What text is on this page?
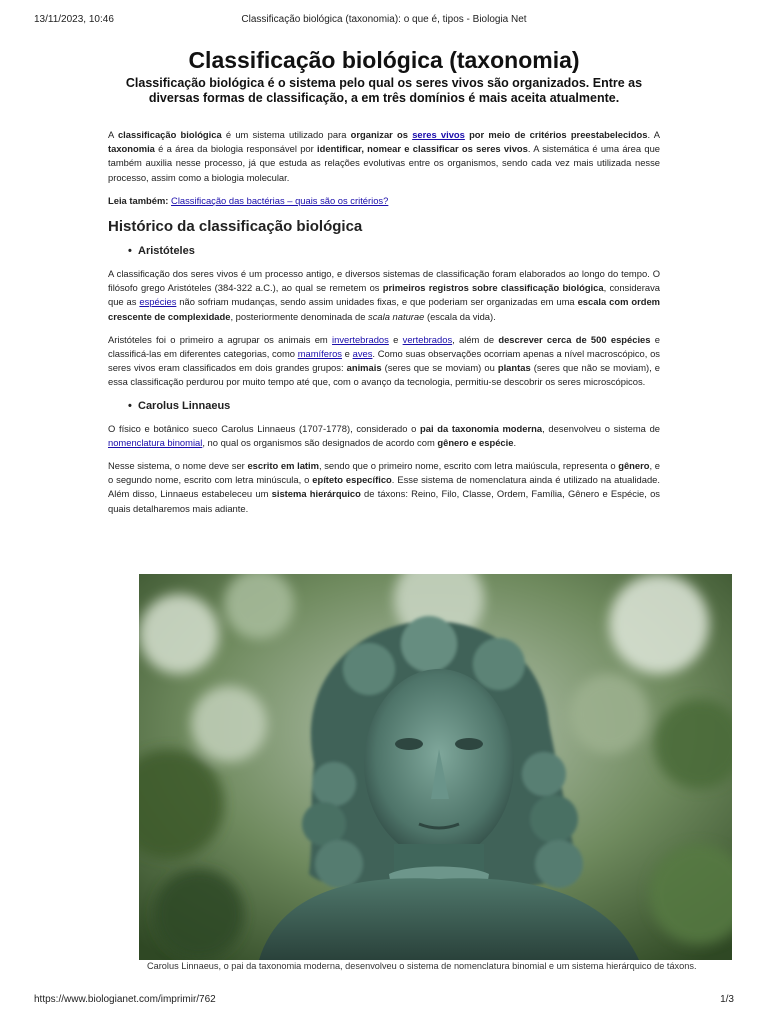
13/11/2023, 10:46	Classificação biológica (taxonomia): o que é, tipos - Biologia Net
Classificação biológica (taxonomia)
Classificação biológica é o sistema pelo qual os seres vivos são organizados. Entre as diversas formas de classificação, a em três domínios é mais aceita atualmente.

A classificação biológica é um sistema utilizado para organizar os seres vivos por meio de critérios preestabelecidos. A taxonomia é a área da biologia responsável por identificar, nomear e classificar os seres vivos. A sistemática é uma área que também auxilia nesse processo, já que estuda as relações evolutivas entre os organismos, sendo cada vez mais utilizada nesse processo, assim como a biologia molecular.

Leia também: Classificação das bactérias – quais são os critérios?

Histórico da classificação biológica
• Aristóteles

A classificação dos seres vivos é um processo antigo, e diversos sistemas de classificação foram elaborados ao longo do tempo. O filósofo grego Aristóteles (384-322 a.C.), ao qual se remetem os primeiros registros sobre classificação biológica, considerava que as espécies não sofriam mudanças, sendo assim unidades fixas, e que poderiam ser organizadas em uma escala com ordem crescente de complexidade, posteriormente denominada de scala naturae (escala da vida).

Aristóteles foi o primeiro a agrupar os animais em invertebrados e vertebrados, além de descrever cerca de 500 espécies e classificá-las em diferentes categorias, como mamíferos e aves. Como suas observações ocorriam apenas a nível macroscópico, os seres vivos eram classificados em dois grandes grupos: animais (seres que se moviam) ou plantas (seres que não se moviam), e essa classificação perdurou por muito tempo até que, com o avanço da tecnologia, permitiu-se descobrir os seres microscópicos.

• Carolus Linnaeus

O físico e botânico sueco Carolus Linnaeus (1707-1778), considerado o pai da taxonomia moderna, desenvolveu o sistema de nomenclatura binomial, no qual os organismos são designados de acordo com gênero e espécie.

Nesse sistema, o nome deve ser escrito em latim, sendo que o primeiro nome, escrito com letra maiúscula, representa o gênero, e o segundo nome, escrito com letra minúscula, o epíteto específico. Esse sistema de nomenclatura ainda é utilizado na atualidade. Além disso, Linnaeus estabeleceu um sistema hierárquico de táxons: Reino, Filo, Classe, Ordem, Família, Gênero e Espécie, os quais detalharemos mais adiante.

Carolus Linnaeus, o pai da taxonomia moderna, desenvolveu o sistema de nomenclatura binomial e um sistema hierárquico de táxons.
https://www.biologianet.com/imprimir/762	1/3
